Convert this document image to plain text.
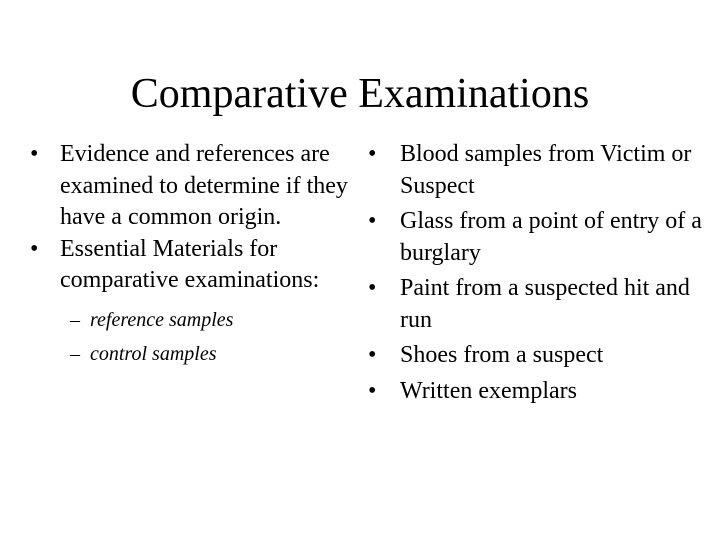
Comparative Examinations
• Evidence and references are examined to determine if they have a common origin.
• Essential Materials for comparative examinations:
– reference samples
– control samples
• Blood samples from Victim or Suspect
• Glass from a point of entry of a burglary
• Paint from a suspected hit and run
• Shoes from a suspect
• Written exemplars
